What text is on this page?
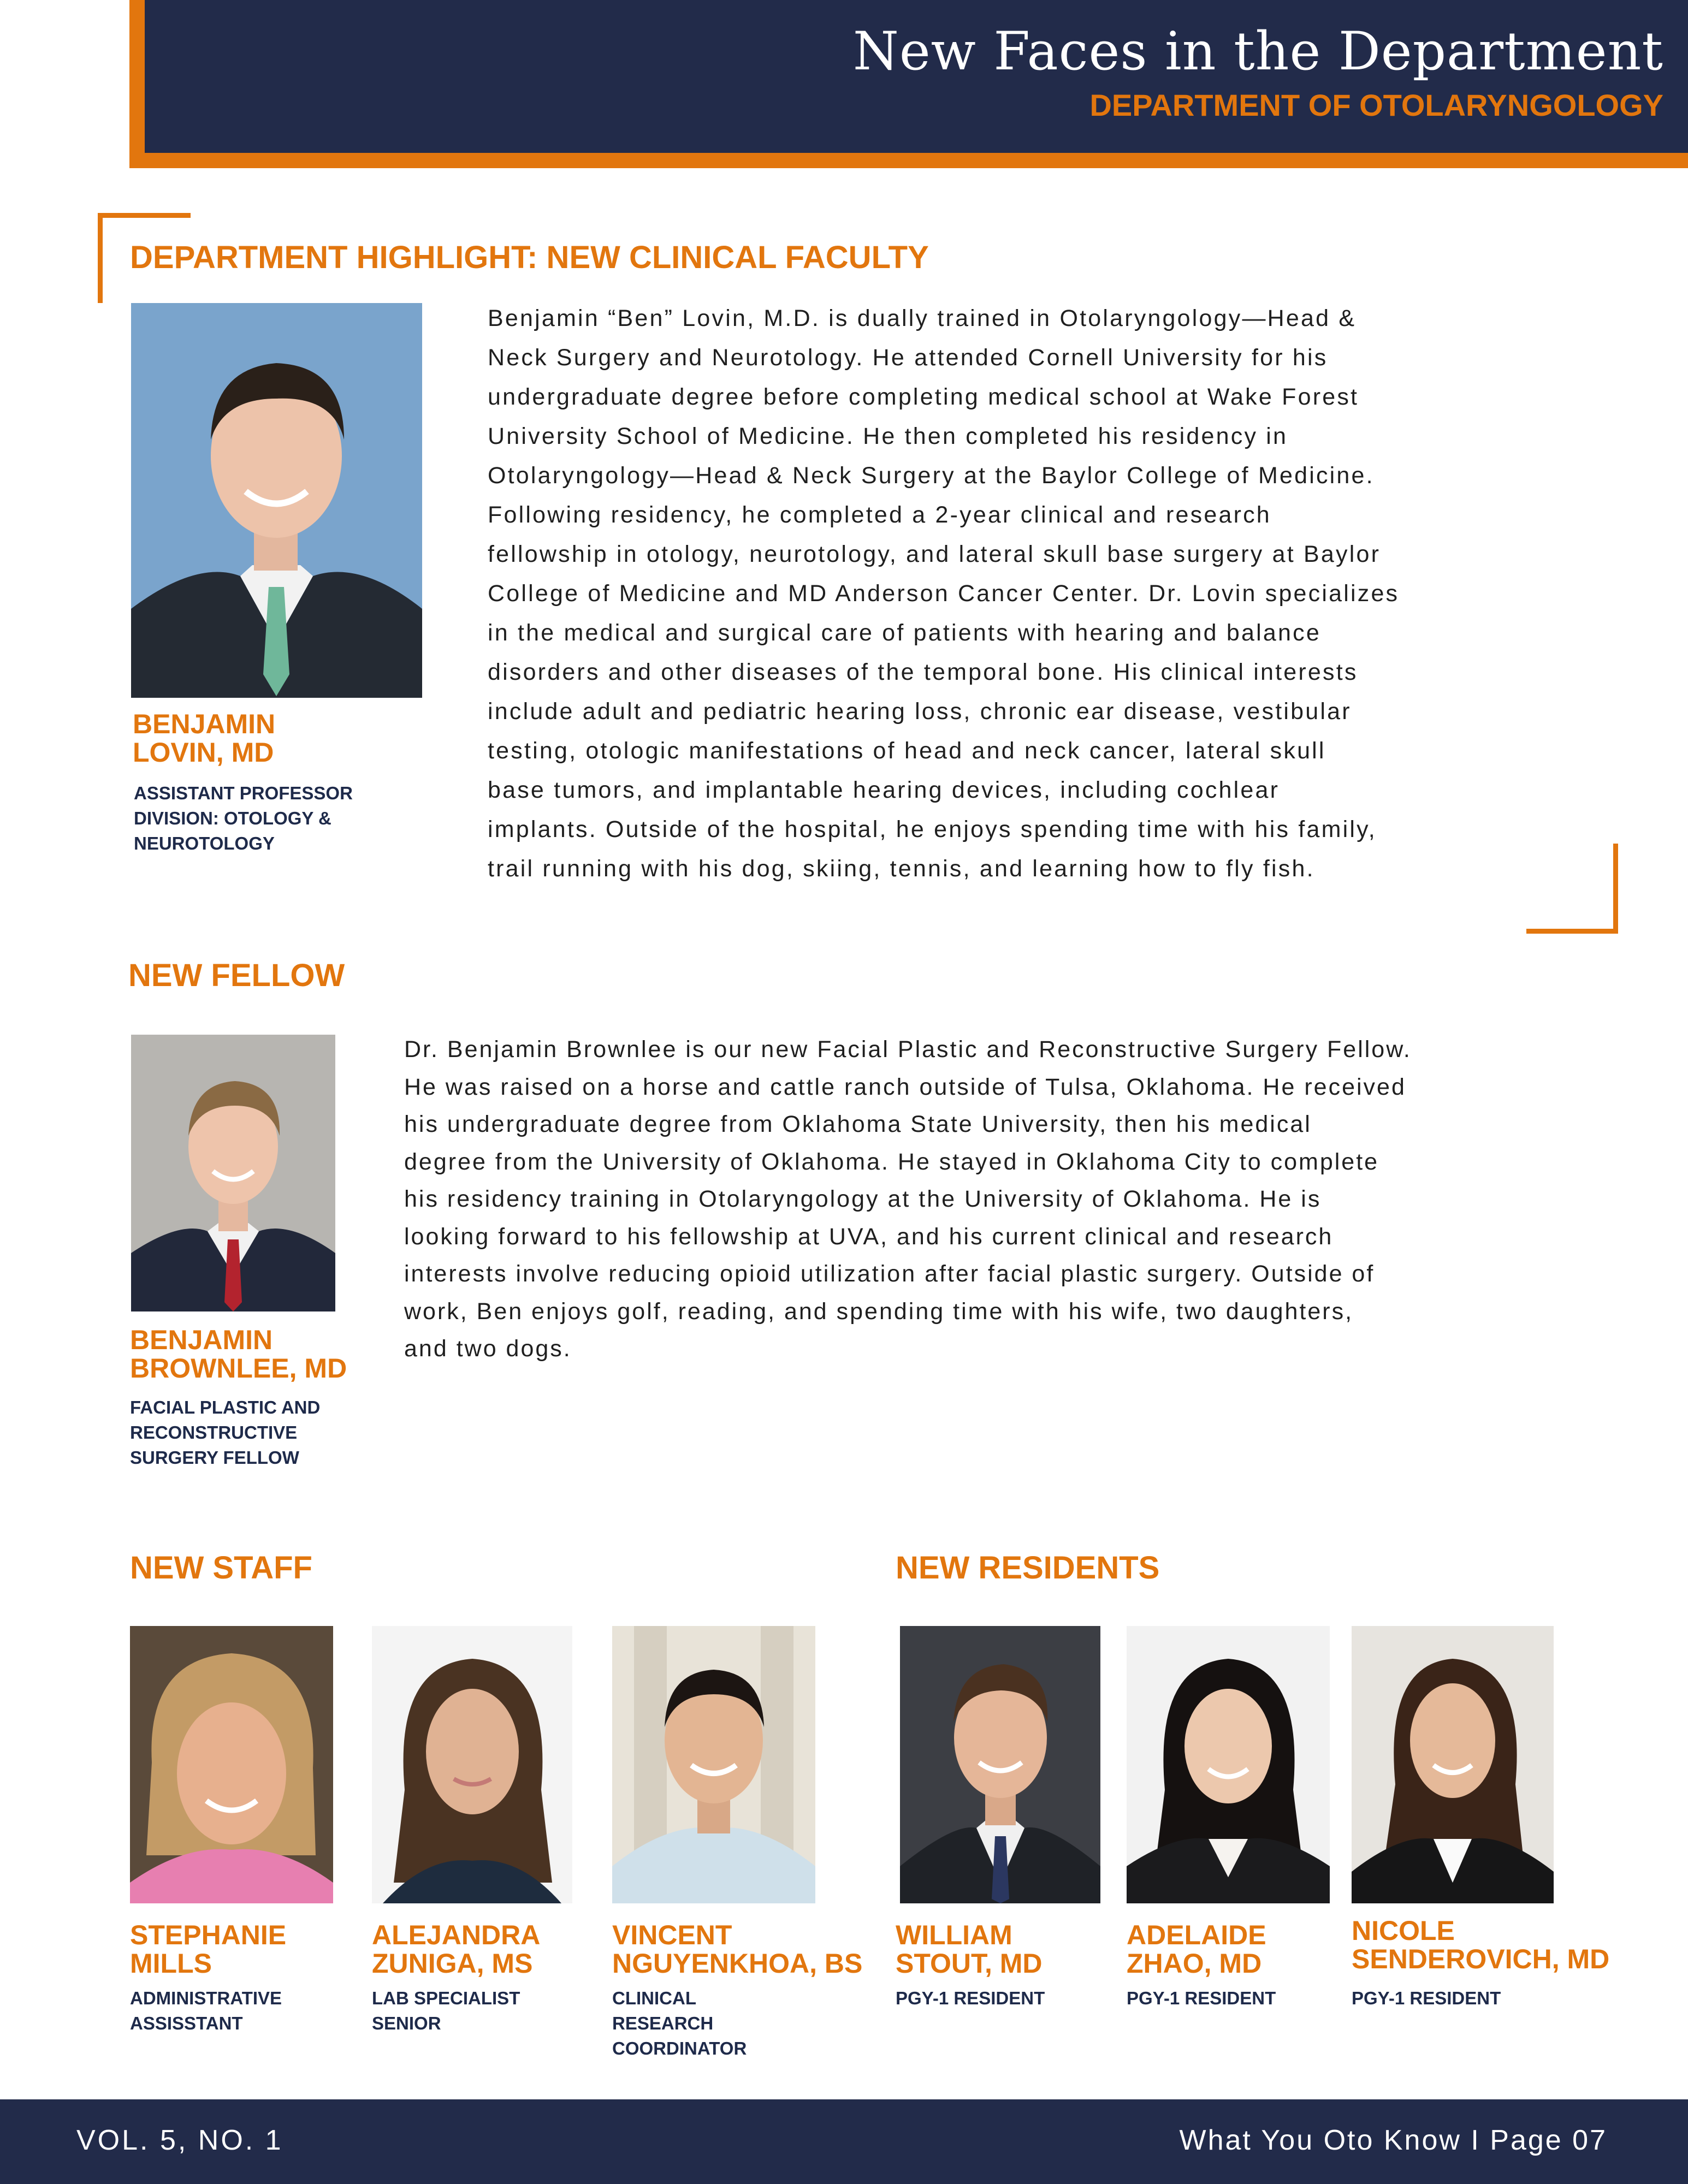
New Faces in the Department
DEPARTMENT OF OTOLARYNGOLOGY
DEPARTMENT HIGHLIGHT: NEW CLINICAL FACULTY
BENJAMIN
LOVIN, MD
ASSISTANT PROFESSOR
DIVISION: OTOLOGY &
NEUROTOLOGY
Benjamin “Ben” Lovin, M.D. is dually trained in Otolaryngology—Head &
Neck Surgery and Neurotology. He attended Cornell University for his
undergraduate degree before completing medical school at Wake Forest
University School of Medicine. He then completed his residency in
Otolaryngology—Head & Neck Surgery at the Baylor College of Medicine.
Following residency, he completed a 2-year clinical and research
fellowship in otology, neurotology, and lateral skull base surgery at Baylor
College of Medicine and MD Anderson Cancer Center. Dr. Lovin specializes
in the medical and surgical care of patients with hearing and balance
disorders and other diseases of the temporal bone. His clinical interests
include adult and pediatric hearing loss, chronic ear disease, vestibular
testing, otologic manifestations of head and neck cancer, lateral skull
base tumors, and implantable hearing devices, including cochlear
implants. Outside of the hospital, he enjoys spending time with his family,
trail running with his dog, skiing, tennis, and learning how to fly fish.
NEW FELLOW
BENJAMIN
BROWNLEE, MD
FACIAL PLASTIC AND
RECONSTRUCTIVE
SURGERY FELLOW
Dr. Benjamin Brownlee is our new Facial Plastic and Reconstructive Surgery Fellow.
He was raised on a horse and cattle ranch outside of Tulsa, Oklahoma. He received
his undergraduate degree from Oklahoma State University, then his medical
degree from the University of Oklahoma. He stayed in Oklahoma City to complete
his residency training in Otolaryngology at the University of Oklahoma. He is
looking forward to his fellowship at UVA, and his current clinical and research
interests involve reducing opioid utilization after facial plastic surgery. Outside of
work, Ben enjoys golf, reading, and spending time with his wife, two daughters,
and two dogs.
NEW STAFF
STEPHANIE
MILLS
ADMINISTRATIVE
ASSISSTANT
ALEJANDRA
ZUNIGA, MS
LAB SPECIALIST
SENIOR
VINCENT
NGUYENKHOA, BS
CLINICAL
RESEARCH
COORDINATOR
NEW RESIDENTS
WILLIAM
STOUT, MD
PGY-1 RESIDENT
ADELAIDE
ZHAO, MD
PGY-1 RESIDENT
NICOLE
SENDEROVICH, MD
PGY-1 RESIDENT
VOL. 5, NO. 1	What You Oto Know I Page 07
